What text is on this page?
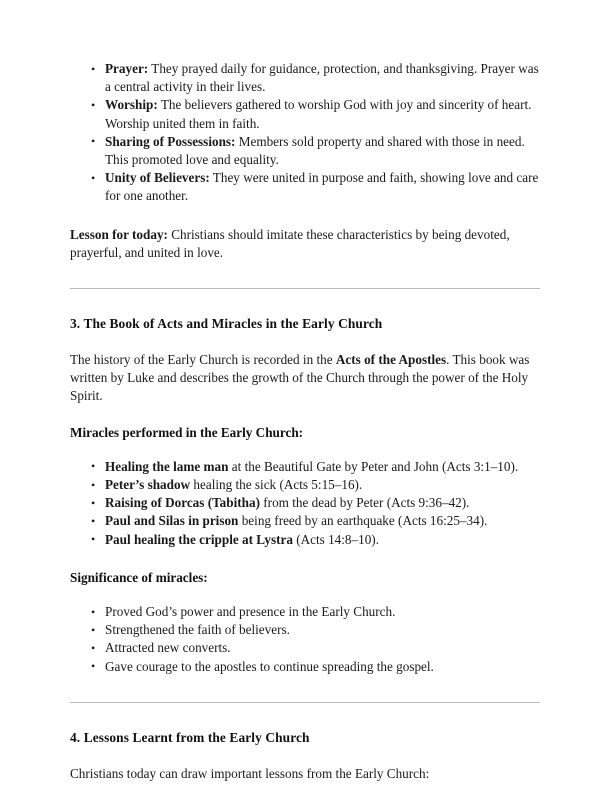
• Prayer: They prayed daily for guidance, protection, and thanksgiving. Prayer was a central activity in their lives.
• Worship: The believers gathered to worship God with joy and sincerity of heart. Worship united them in faith.
• Sharing of Possessions: Members sold property and shared with those in need. This promoted love and equality.
• Unity of Believers: They were united in purpose and faith, showing love and care for one another.

Lesson for today: Christians should imitate these characteristics by being devoted, prayerful, and united in love.

3. The Book of Acts and Miracles in the Early Church

The history of the Early Church is recorded in the Acts of the Apostles. This book was written by Luke and describes the growth of the Church through the power of the Holy Spirit.

Miracles performed in the Early Church:

• Healing the lame man at the Beautiful Gate by Peter and John (Acts 3:1–10).
• Peter’s shadow healing the sick (Acts 5:15–16).
• Raising of Dorcas (Tabitha) from the dead by Peter (Acts 9:36–42).
• Paul and Silas in prison being freed by an earthquake (Acts 16:25–34).
• Paul healing the cripple at Lystra (Acts 14:8–10).

Significance of miracles:

• Proved God’s power and presence in the Early Church.
• Strengthened the faith of believers.
• Attracted new converts.
• Gave courage to the apostles to continue spreading the gospel.
4. Lessons Learnt from the Early Church

Christians today can draw important lessons from the Early Church:
